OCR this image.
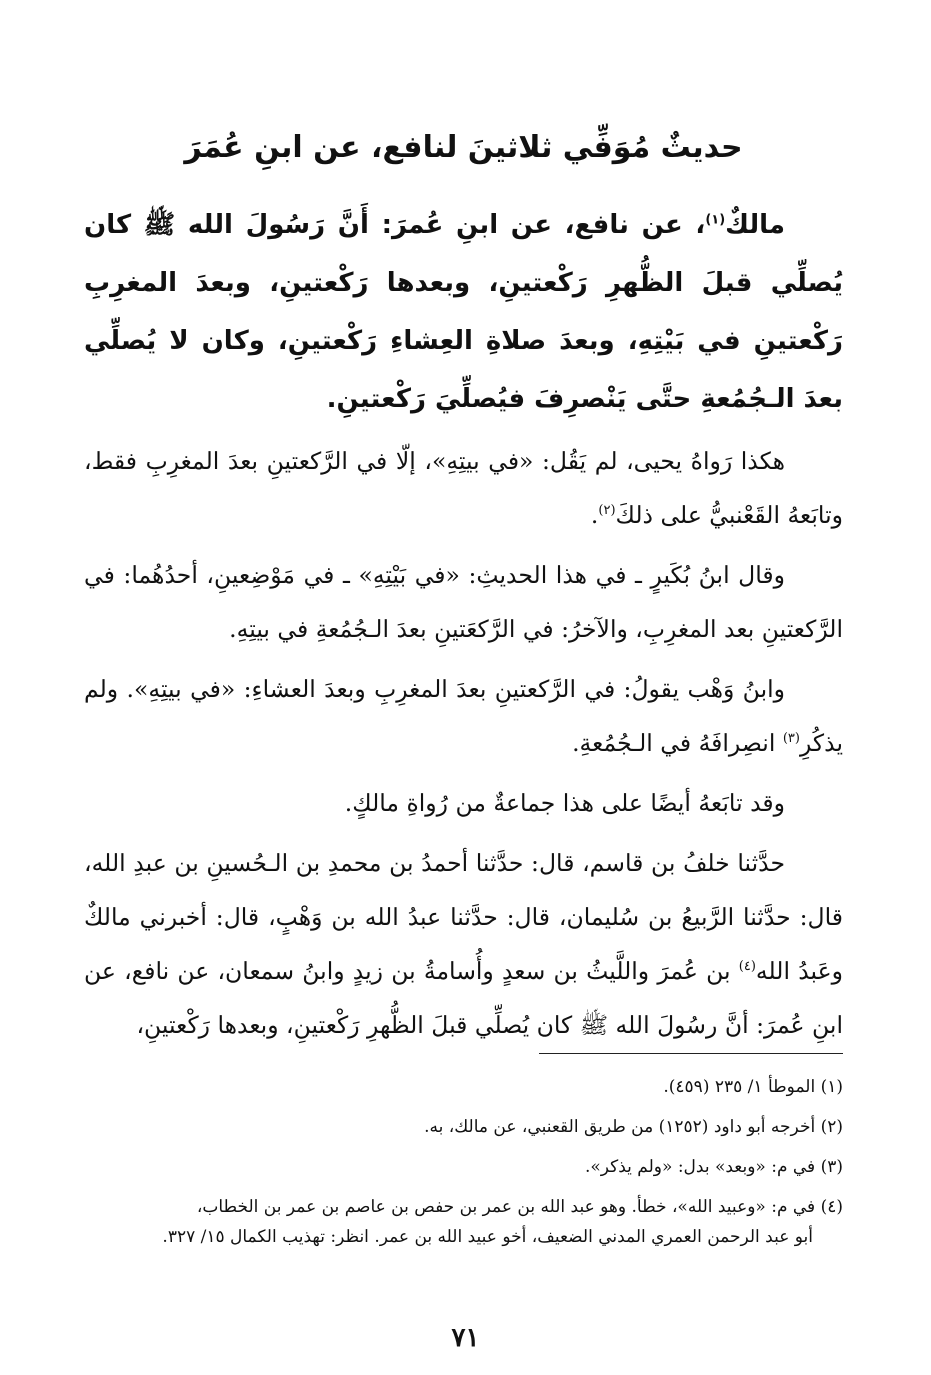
حديثٌ مُوَفِّي ثلاثينَ لنافع، عن ابنِ عُمَرَ

مالكٌ$^{(١)}$، عن نافع، عن ابنِ عُمرَ: أَنَّ رَسُولَ الله ﷺ كان يُصلِّي قبلَ الظُّهرِ رَكْعتينِ، وبعدها رَكْعتينِ، وبعدَ المغرِبِ رَكْعتينِ في بَيْتِهِ، وبعدَ صلاةِ العِشاءِ رَكْعتينِ، وكان لا يُصلِّي بعدَ الـجُمُعةِ حتَّى يَنْصرِفَ فيُصلِّيَ رَكْعتينِ.

هكذا رَواهُ يحيى، لم يَقُل: «في بيتِهِ»، إلّا في الرَّكعتينِ بعدَ المغرِبِ فقط، وتابَعهُ القَعْنبيُّ على ذلكَ$^{(٢)}$.

وقال ابنُ بُكَيرٍ ـ في هذا الحديثِ: «في بَيْتِهِ» ـ في مَوْضِعينِ، أحدُهُما: في الرَّكعتينِ بعد المغرِبِ، والآخرُ: في الرَّكعَتينِ بعدَ الـجُمُعةِ في بيتِهِ.

وابنُ وَهْب يقولُ: في الرَّكعتينِ بعدَ المغرِبِ وبعدَ العشاءِ: «في بيتِهِ». ولم يذكُرِ$^{(٣)}$ انصِرافَهُ في الـجُمُعةِ.

وقد تابَعهُ أيضًا على هذا جماعةٌ من رُواةِ مالكٍ.

حدَّثنا خلفُ بن قاسم، قال: حدَّثنا أحمدُ بن محمدِ بن الـحُسينِ بن عبدِ الله، قال: حدَّثنا الرَّبيعُ بن سُليمان، قال: حدَّثنا عبدُ الله بن وَهْبٍ، قال: أخبرني مالكٌ وعَبدُ الله$^{(٤)}$ بن عُمرَ واللَّيثُ بن سعدٍ وأُسامةُ بن زيدٍ وابنُ سمعان، عن نافع، عن ابنِ عُمرَ: أنَّ رسُولَ الله ﷺ كان يُصلِّي قبلَ الظُّهرِ رَكْعتينِ، وبعدها رَكْعتينِ،

(١) الموطأ ١/ ٢٣٥ (٤٥٩).

(٢) أخرجه أبو داود (١٢٥٢) من طريق القعنبي، عن مالك، به.

(٣) في م: «وبعد» بدل: «ولم يذكر».

(٤) في م: «وعبيد الله»، خطأ. وهو عبد الله بن عمر بن حفص بن عاصم بن عمر بن الخطاب،

أبو عبد الرحمن العمري المدني الضعيف، أخو عبيد الله بن عمر. انظر: تهذيب الكمال ١٥/ ٣٢٧.

٧١
